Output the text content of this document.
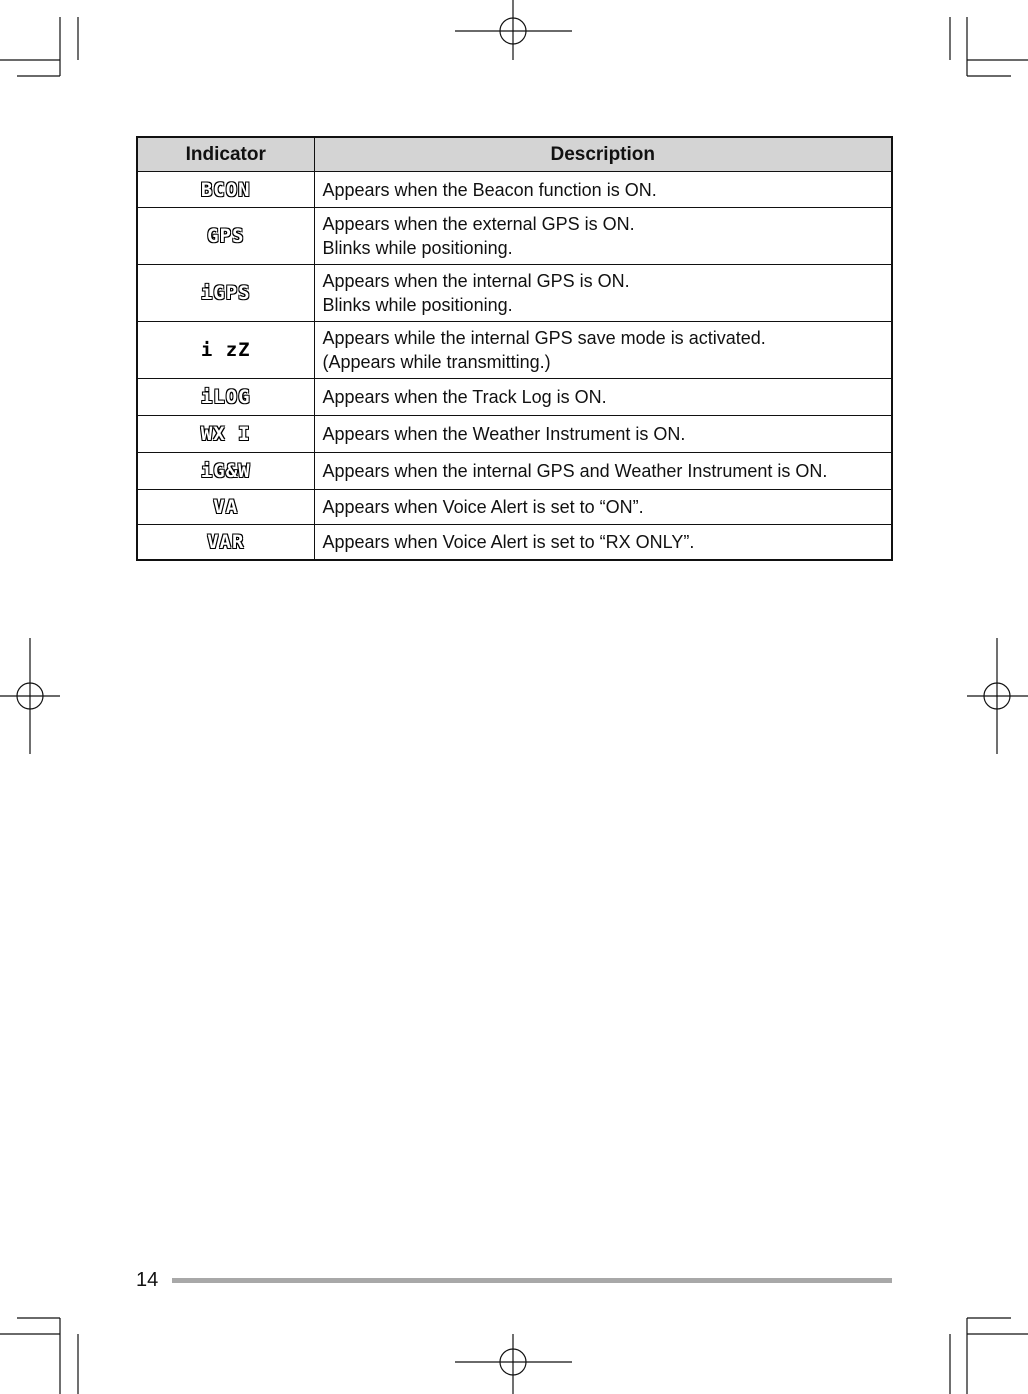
Indicator	Description
BCON	Appears when the Beacon function is ON.

GPS	Appears when the external GPS is ON.
Blinks while positioning.

iGPS	Appears when the internal GPS is ON.
Blinks while positioning.

i zZ	Appears while the internal GPS save mode is activated.
(Appears while transmitting.)

iLOG	Appears when the Track Log is ON.

WX I	Appears when the Weather Instrument is ON.

iG&W	Appears when the internal GPS and Weather Instrument is ON.

VA	Appears when Voice Alert is set to “ON”.

VAR	Appears when Voice Alert is set to “RX ONLY”.
14
